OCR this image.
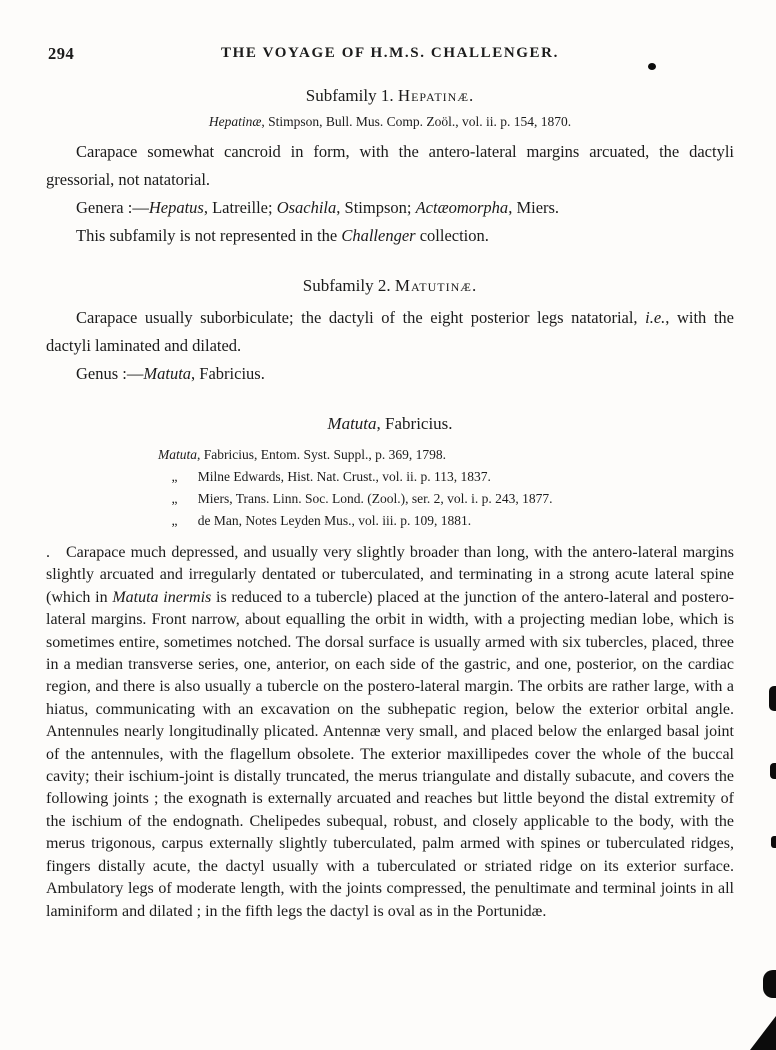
294	THE VOYAGE OF H.M.S. CHALLENGER.
Subfamily 1. Hepatinæ.
Hepatinæ, Stimpson, Bull. Mus. Comp. Zoöl., vol. ii. p. 154, 1870.
Carapace somewhat cancroid in form, with the antero-lateral margins arcuated, the dactyli gressorial, not natatorial.
Genera :—Hepatus, Latreille; Osachila, Stimpson; Actæomorpha, Miers.
This subfamily is not represented in the Challenger collection.
Subfamily 2. Matutinæ.
Carapace usually suborbiculate; the dactyli of the eight posterior legs natatorial, i.e., with the dactyli laminated and dilated.
Genus :—Matuta, Fabricius.
Matuta, Fabricius.
Matuta, Fabricius, Entom. Syst. Suppl., p. 369, 1798.
  „  Milne Edwards, Hist. Nat. Crust., vol. ii. p. 113, 1837.
  „  Miers, Trans. Linn. Soc. Lond. (Zool.), ser. 2, vol. i. p. 243, 1877.
  „  de Man, Notes Leyden Mus., vol. iii. p. 109, 1881.
. Carapace much depressed, and usually very slightly broader than long, with the antero-lateral margins slightly arcuated and irregularly dentated or tuberculated, and terminating in a strong acute lateral spine (which in Matuta inermis is reduced to a tubercle) placed at the junction of the antero-lateral and postero-lateral margins. Front narrow, about equalling the orbit in width, with a projecting median lobe, which is sometimes entire, sometimes notched. The dorsal surface is usually armed with six tubercles, placed, three in a median transverse series, one, anterior, on each side of the gastric, and one, posterior, on the cardiac region, and there is also usually a tubercle on the postero-lateral margin. The orbits are rather large, with a hiatus, communicating with an excavation on the subhepatic region, below the exterior orbital angle. Antennules nearly longitudinally plicated. Antennæ very small, and placed below the enlarged basal joint of the antennules, with the flagellum obsolete. The exterior maxillipedes cover the whole of the buccal cavity; their ischium-joint is distally truncated, the merus triangulate and distally subacute, and covers the following joints ; the exognath is externally arcuated and reaches but little beyond the distal extremity of the ischium of the endognath. Chelipedes subequal, robust, and closely applicable to the body, with the merus trigonous, carpus externally slightly tuberculated, palm armed with spines or tuberculated ridges, fingers distally acute, the dactyl usually with a tuberculated or striated ridge on its exterior surface. Ambulatory legs of moderate length, with the joints compressed, the penultimate and terminal joints in all laminiform and dilated ; in the fifth legs the dactyl is oval as in the Portunidæ.
